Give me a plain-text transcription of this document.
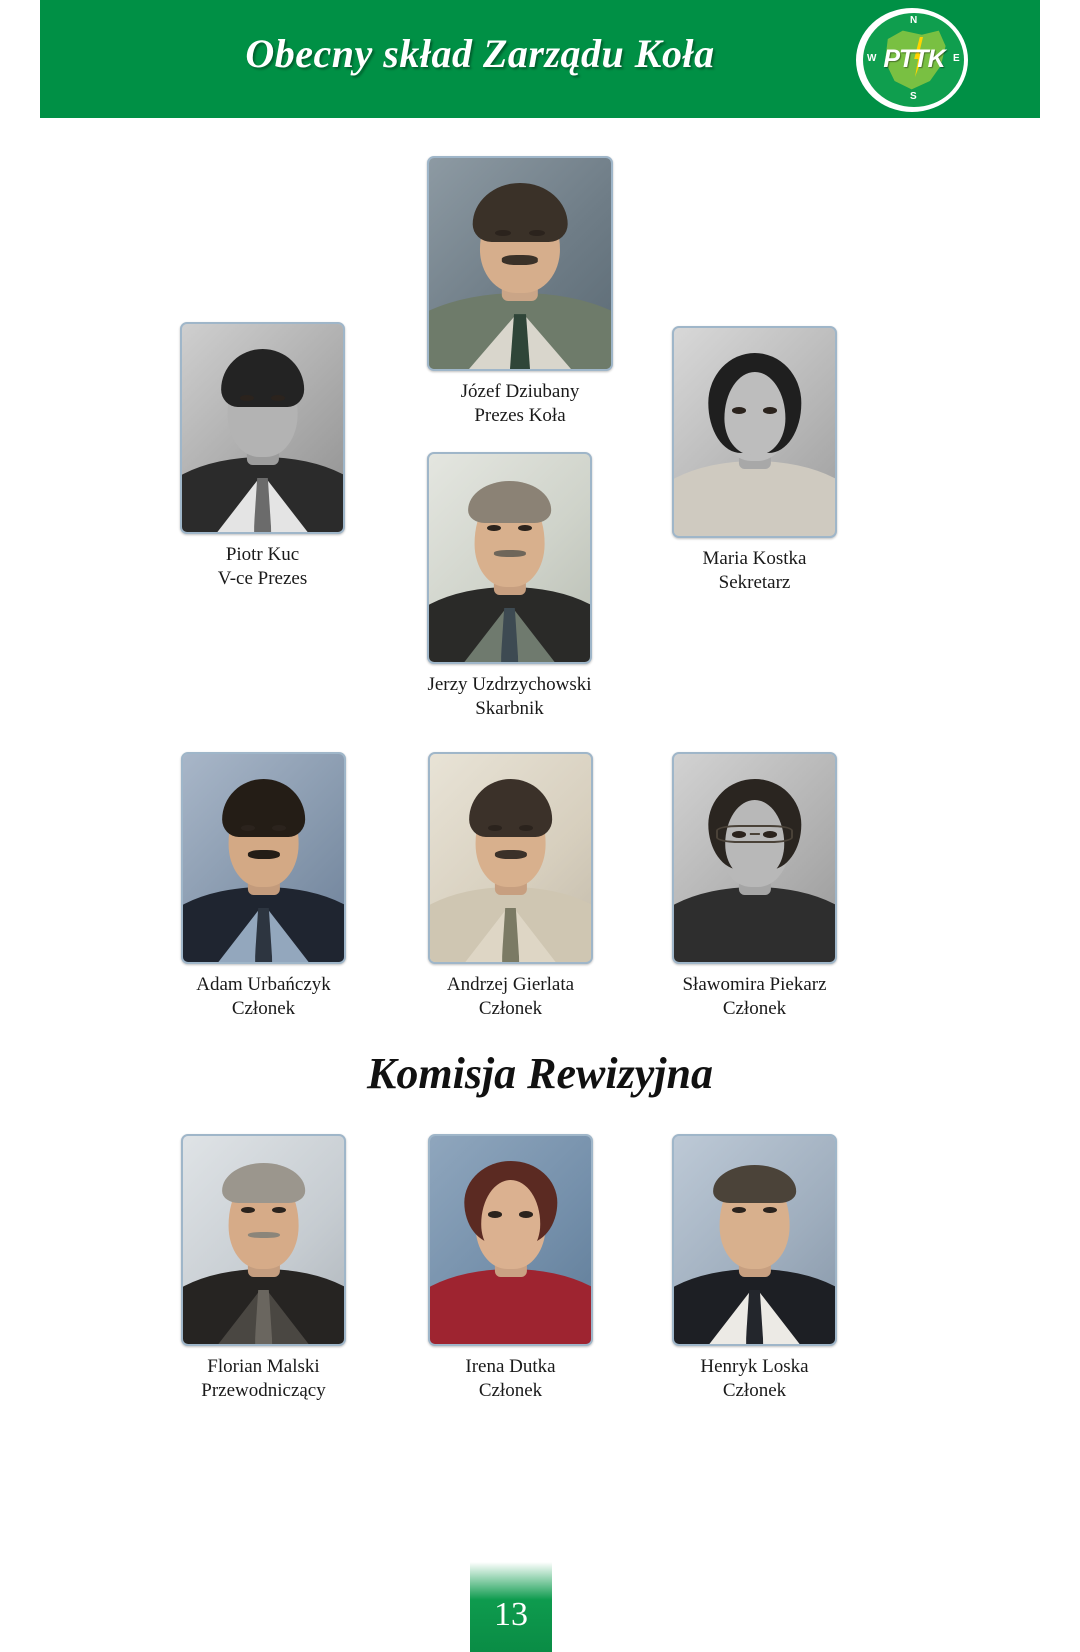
Obecny skład Zarządu Koła	PTTK
N
S
E
W
Józef Dziubany
Prezes Koła
Piotr Kuc
V-ce Prezes
Maria Kostka
Sekretarz
Jerzy Uzdrzychowski
Skarbnik
Adam Urbańczyk
Członek
Andrzej Gierlata
Członek
Sławomira Piekarz
Członek
Komisja Rewizyjna
Florian Malski
Przewodniczący
Irena Dutka
Członek
Henryk Loska
Członek
13
